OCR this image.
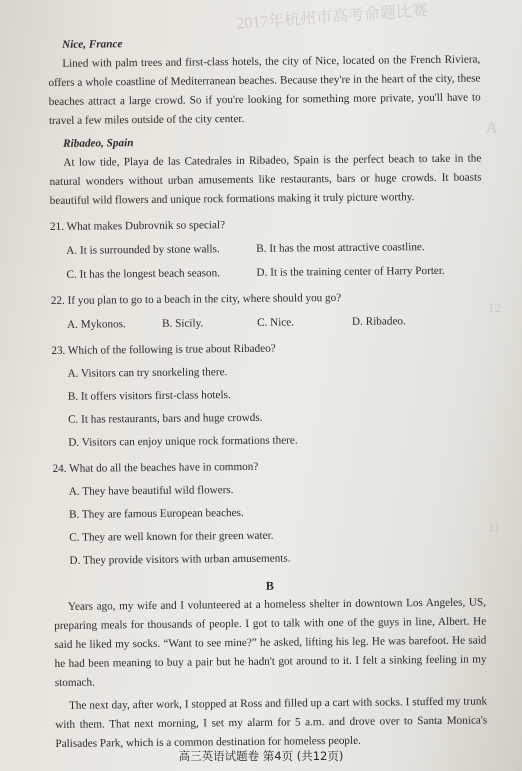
2017年杭州市高考命题比赛
A
12
11
Nice, France

Lined with palm trees and first-class hotels, the city of Nice, located on the French Riviera, offers a whole coastline of Mediterranean beaches. Because they're in the heart of the city, these beaches attract a large crowd. So if you're looking for something more private, you'll have to travel a few miles outside of the city center.

Ribadeo, Spain

At low tide, Playa de las Catedrales in Ribadeo, Spain is the perfect beach to take in the natural wonders without urban amusements like restaurants, bars or huge crowds. It boasts beautiful wild flowers and unique rock formations making it truly picture worthy.

21. What makes Dubrovnik so special?
A. It is surrounded by stone walls.	B. It has the most attractive coastline.
C. It has the longest beach season.	D. It is the training center of Harry Porter.
22. If you plan to go to a beach in the city, where should you go?
A. Mykonos.	B. Sicily.	C. Nice.	D. Ribadeo.
23. Which of the following is true about Ribadeo?
A. Visitors can try snorkeling there.
B. It offers visitors first-class hotels.
C. It has restaurants, bars and huge crowds.
D. Visitors can enjoy unique rock formations there.
24. What do all the beaches have in common?
A. They have beautiful wild flowers.
B. They are famous European beaches.
C. They are well known for their green water.
D. They provide visitors with urban amusements.
B

Years ago, my wife and I volunteered at a homeless shelter in downtown Los Angeles, US, preparing meals for thousands of people. I got to talk with one of the guys in line, Albert. He said he liked my socks. “Want to see mine?” he asked, lifting his leg. He was barefoot. He said he had been meaning to buy a pair but he hadn't got around to it. I felt a sinking feeling in my stomach.

The next day, after work, I stopped at Ross and filled up a cart with socks. I stuffed my trunk with them. That next morning, I set my alarm for 5 a.m. and drove over to Santa Monica's Palisades Park, which is a common destination for homeless people.

高三英语试题卷 第4页 (共12页)
